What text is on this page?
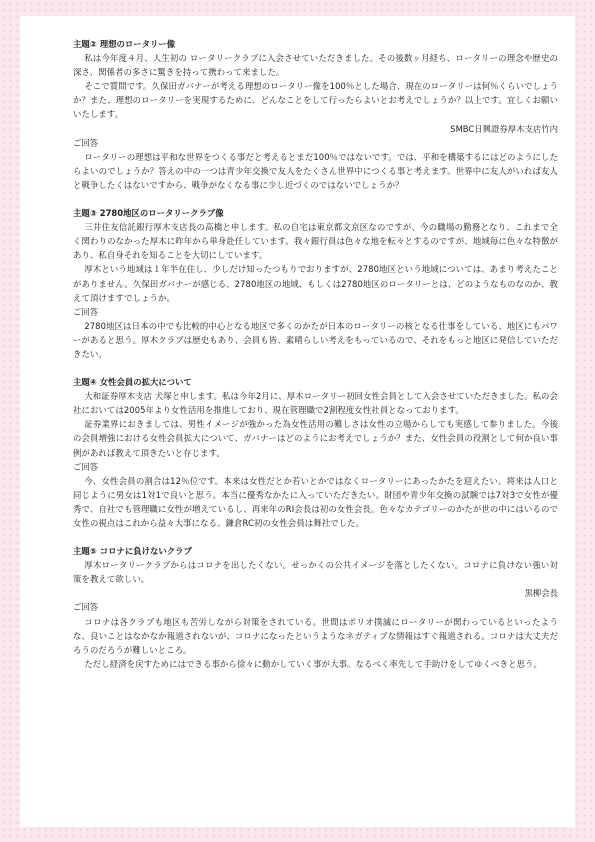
主題② 理想のロータリー像

私は今年度４月、人生初の ロータリークラブに入会させていただきました。その後数ヶ月経ち、ロータリーの理念や歴史の深さ、関係者の多さに驚きを持って携わって来ました。

そこで質問です。久保田ガバナーが考える理想のロータリー像を100％とした場合、現在のロータリーは何％くらいでしょうか？また、理想のロータリーを実現するために、どんなことをして行ったらよいとお考えでしょうか？以上です。宜しくお願いいたします。

SMBC日興證券厚木支店竹内

ご回答

ロータリーの理想は平和な世界をつくる事だと考えるとまだ100％ではないです。では、平和を構築するにはどのようにしたらよいのでしょうか？答えの中の一つは青少年交換で友人をたくさん世界中につくる事と考えます。世界中に友人がいれば友人と戦争したくはないですから、戦争がなくなる事に少し近づくのではないでしょうか？

主題③ 2780地区のロータリークラブ像

三井住友信託銀行厚木支店長の高橋と申します。私の自宅は東京都文京区なのですが、今の職場の勤務となり、これまで全く関わりのなかった厚木に昨年から単身赴任しています。我々銀行員は色々な地を転々とするのですが、地域毎に色々な特徴があり、私自身それを知ることを大切にしています。

厚木という地域は１年半在住し、少しだけ知ったつもりでおりますが、2780地区という地域については、あまり考えたことがありません。久保田ガバナーが感じる、2780地区の地域、もしくは2780地区のロータリーとは、どのようなものなのか、教えて頂けますでしょうか。

ご回答

2780地区は日本の中でも比較的中心となる地区で多くのかたが日本のロータリーの核となる仕事をしている、地区にもパワーがあると思う。厚木クラブは歴史もあり、会員も皆、素晴らしい考えをもっているので、それをもっと地区に発信していただきたい。

主題④ 女性会員の拡大について

大和証券厚木支店 犬塚と申します。私は今年2月に、厚木ロータリー初回女性会員として入会させていただきました。私の会社においては2005年より女性活用を推進しており、現在管理職で2割程度女性社員となっております。

証券業界におきましては、男性イメージが強かった為女性活用の難しさは女性の立場からしても実感して参りました。今後の会員増強における女性会員拡大について、ガバナーはどのようにお考えでしょうか？また、女性会員の役割として何か良い事例があれば教えて頂きたいと存じます。

ご回答

今、女性会員の割合は12％位です。本来は女性だとか若いとかではなくロータリーにあったかたを迎えたい。将来は人口と同じように男女は1対1で良いと思う。本当に優秀なかたに入っていただきたい。財団や青少年交換の試験では7対3で女性が優秀で、自社でも管理職に女性が増えているし、再来年のRI会長は初の女性会長。色々なカテゴリーのかたが世の中にはいるので女性の視点はこれから益々大事になる。鎌倉RC初の女性会員は舞社でした。

主題⑤ コロナに負けないクラブ

厚木ロータリークラブからはコロナを出したくない。せっかくの公共イメージを落としたくない。コロナに負けない強い対策を教えて欲しい。

黒柳会長

ご回答

コロナは各クラブも地区も苦労しながら対策をされている。世間はポリオ撲滅にロータリーが関わっているといったような、良いことはなかなか報道されないが、コロナになったというようなネガティブな情報はすぐ報道される。コロナは大丈夫だろうのだろうが難しいところ。

ただし経済を戻すためにはできる事から徐々に動かしていく事が大事。なるべく率先して手助けをしてゆくべきと思う。
